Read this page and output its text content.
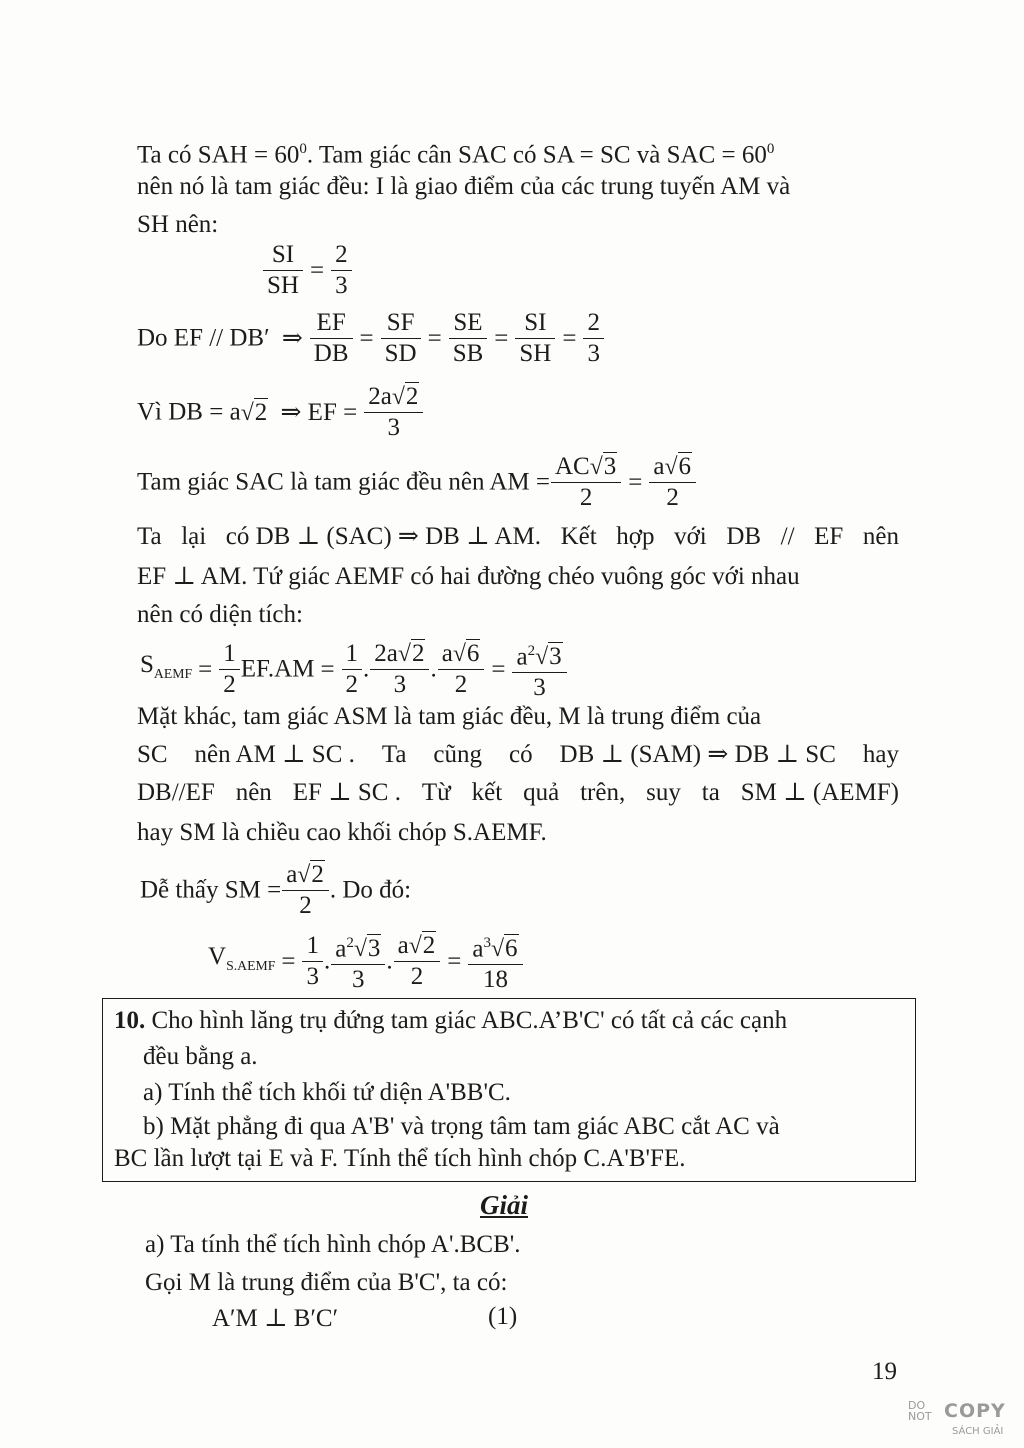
Ta có SAH = $60^0$. Tam giác cân SAC có SA = SC và SAC = $60^0$
nên nó là tam giác đều: I là giao điểm của các trung tuyến AM và
SH nên:
$\frac{SI}{SH} = \frac{2}{3}$
Do EF // DB′ ⇒ $\frac{EF}{DB} = \frac{SF}{SD} = \frac{SE}{SB} = \frac{SI}{SH} = \frac{2}{3}$
Vì DB = a√2 ⇒ EF = $\frac{2a√2}{3}$
Tam giác SAC là tam giác đều nên AM = $\frac{AC√3}{2} = \frac{a√6}{2}$
Ta lại có DB ⊥ (SAC) ⇒ DB ⊥ AM. Kết hợp với DB // EF nên
EF ⊥ AM. Tứ giác AEMF có hai đường chéo vuông góc với nhau
nên có diện tích:
$S_{AEMF} = \frac{1}{2} EF.AM = \frac{1}{2}$ . $\frac{2a√2}{3}$ . $\frac{a√6}{2} = \frac{a^2√3}{3}$
Mặt khác, tam giác ASM là tam giác đều, M là trung điểm của
SC nên AM ⊥ SC . Ta cũng có DB ⊥ (SAM) ⇒ DB ⊥ SC hay
DB//EF nên EF ⊥ SC . Từ kết quả trên, suy ta SM ⊥ (AEMF)
hay SM là chiều cao khối chóp S.AEMF.
Dễ thấy SM = $\frac{a√2}{2}$ . Do đó:
$V_{S.AEMF} = \frac{1}{3}$ . $\frac{a^2√3}{3}$ . $\frac{a√2}{2} = \frac{a^3√6}{18}$
10. Cho hình lăng trụ đứng tam giác ABC.A’B'C' có tất cả các cạnh
đều bằng a.
a) Tính thể tích khối tứ diện A'BB'C.
b) Mặt phẳng đi qua A'B' và trọng tâm tam giác ABC cắt AC và
BC lần lượt tại E và F. Tính thể tích hình chóp C.A'B'FE.
Giải
a) Ta tính thể tích hình chóp A'.BCB'.
Gọi M là trung điểm của B'C', ta có:
A′M ⊥ B′C′	(1)
19
DO
NOT COPY
SÁCH GIẢI
